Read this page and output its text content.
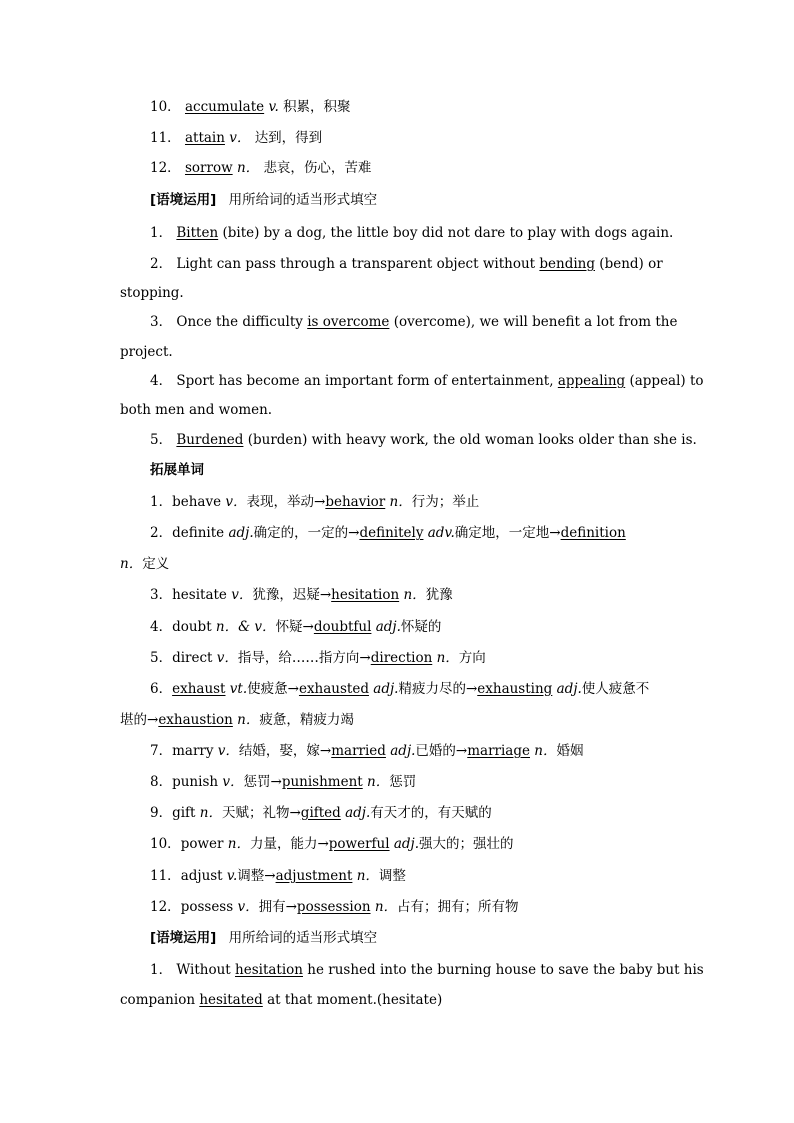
10． accumulate v. 积累，积聚
11． attain v． 达到，得到
12． sorrow n． 悲哀，伤心，苦难
[语境运用] 用所给词的适当形式填空
1． Bitten (bite) by a dog, the little boy did not dare to play with dogs again.
2． Light can pass through a transparent object without bending (bend) or
stopping.
3． Once the difficulty is overcome (overcome), we will benefit a lot from the
project.
4． Sport has become an important form of entertainment, appealing (appeal) to
both men and women.
5． Burdened (burden) with heavy work, the old woman looks older than she is.
拓展单词
1．behave v．表现，举动→behavior n．行为；举止
2．definite adj.确定的，一定的→definitely adv.确定地，一定地→definition
n．定义
3．hesitate v．犹豫，迟疑→hesitation n．犹豫
4．doubt n．& v．怀疑→doubtful adj.怀疑的
5．direct v．指导，给……指方向→direction n．方向
6．exhaust vt.使疲惫→exhausted adj.精疲力尽的→exhausting adj.使人疲惫不
堪的→exhaustion n．疲惫，精疲力竭
7．marry v．结婚，娶，嫁→married adj.已婚的→marriage n．婚姻
8．punish v．惩罚→punishment n．惩罚
9．gift n．天赋；礼物→gifted adj.有天才的，有天赋的
10．power n．力量，能力→powerful adj.强大的；强壮的
11．adjust v.调整→adjustment n．调整
12．possess v．拥有→possession n．占有；拥有；所有物
[语境运用] 用所给词的适当形式填空
1． Without hesitation he rushed into the burning house to save the baby but his
companion hesitated at that moment.(hesitate)
